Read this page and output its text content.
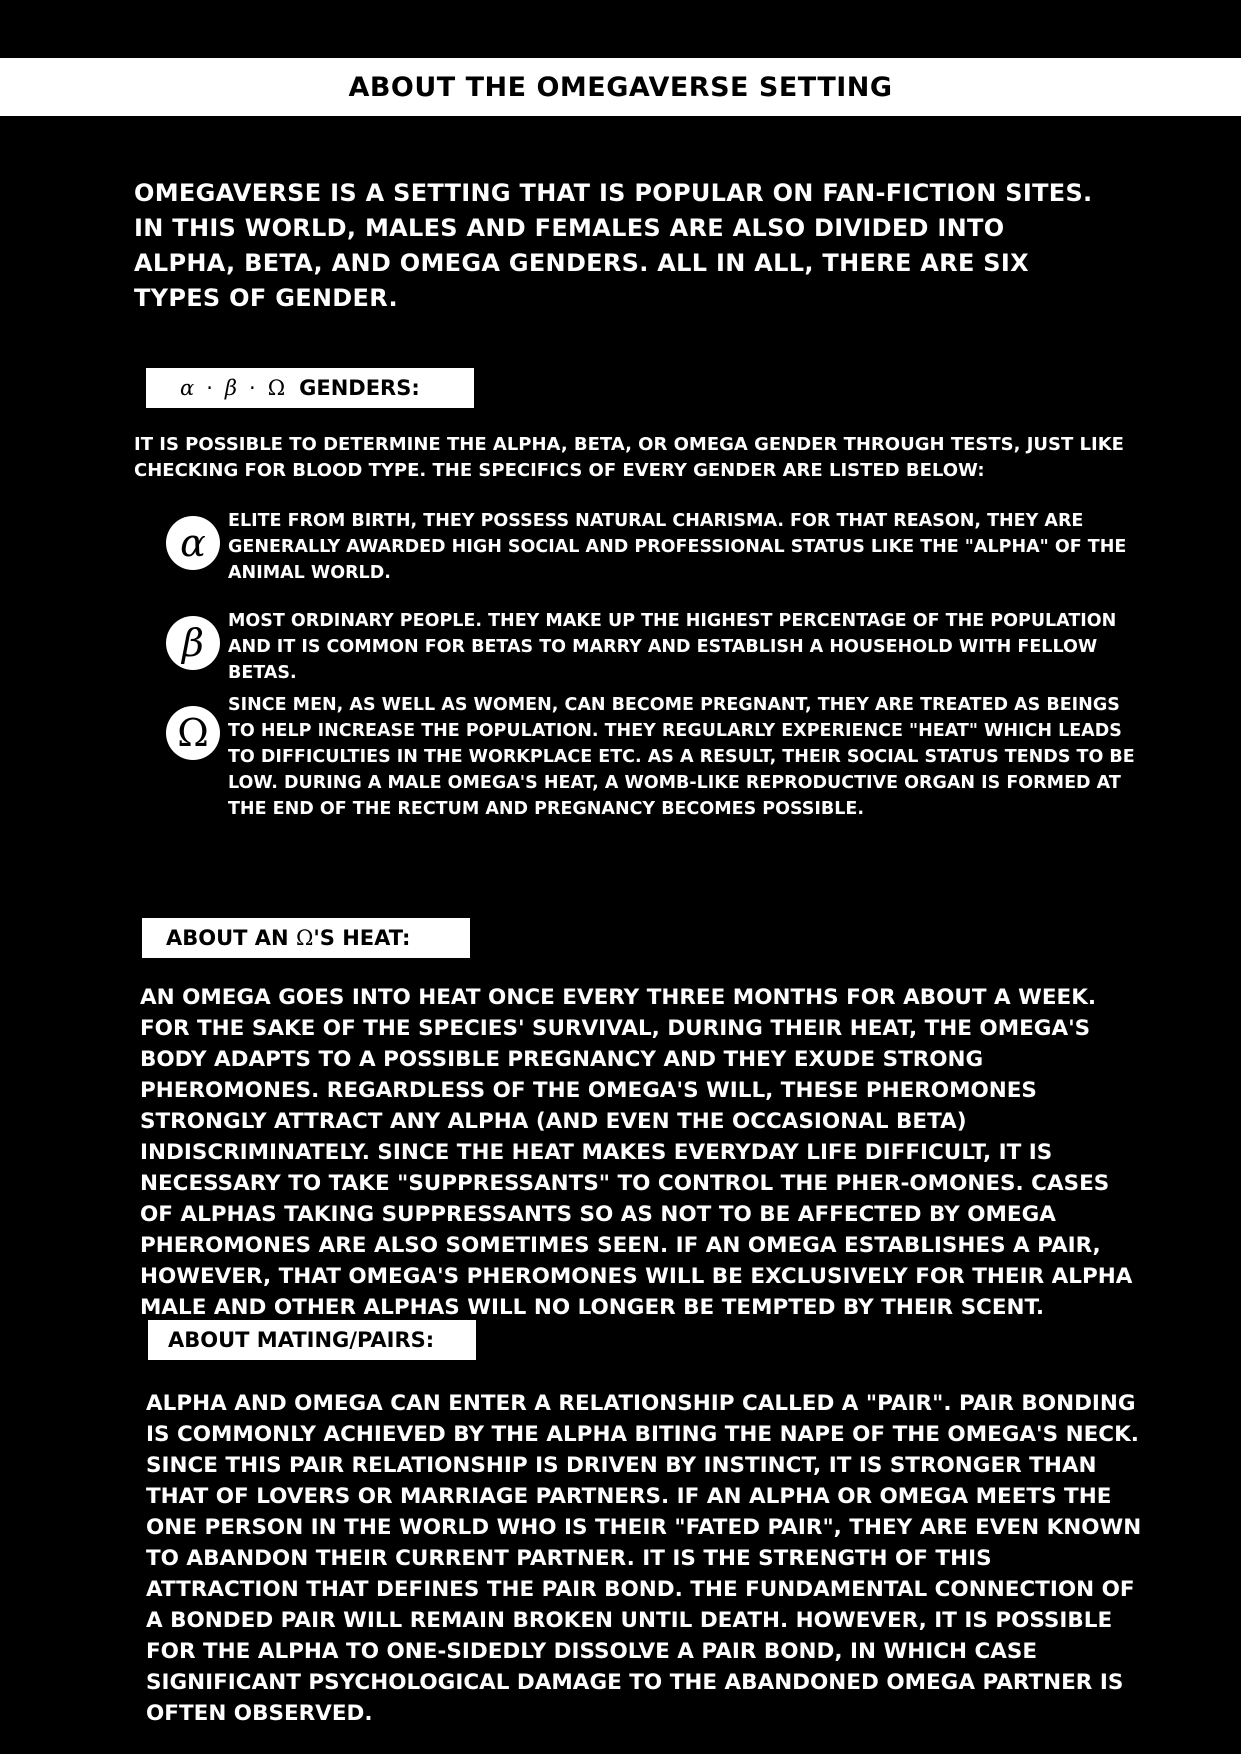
ABOUT THE OMEGAVERSE SETTING
OMEGAVERSE IS A SETTING THAT IS POPULAR ON FAN-FICTION SITES. IN THIS WORLD, MALES AND FEMALES ARE ALSO DIVIDED INTO ALPHA, BETA, AND OMEGA GENDERS. ALL IN ALL, THERE ARE SIX TYPES OF GENDER.
α · β · Ω GENDERS:
IT IS POSSIBLE TO DETERMINE THE ALPHA, BETA, OR OMEGA GENDER THROUGH TESTS, JUST LIKE CHECKING FOR BLOOD TYPE. THE SPECIFICS OF EVERY GENDER ARE LISTED BELOW:
α	ELITE FROM BIRTH, THEY POSSESS NATURAL CHARISMA. FOR THAT REASON, THEY ARE GENERALLY AWARDED HIGH SOCIAL AND PROFESSIONAL STATUS LIKE THE "ALPHA" OF THE ANIMAL WORLD.
β	MOST ORDINARY PEOPLE. THEY MAKE UP THE HIGHEST PERCENTAGE OF THE POPULATION AND IT IS COMMON FOR BETAS TO MARRY AND ESTABLISH A HOUSEHOLD WITH FELLOW BETAS.
Ω
SINCE MEN, AS WELL AS WOMEN, CAN BECOME PREGNANT, THEY ARE TREATED AS BEINGS TO HELP INCREASE THE POPULATION. THEY REGULARLY EXPERIENCE "HEAT" WHICH LEADS TO DIFFICULTIES IN THE WORKPLACE ETC. AS A RESULT, THEIR SOCIAL STATUS TENDS TO BE LOW. DURING A MALE OMEGA'S HEAT, A WOMB-LIKE REPRODUCTIVE ORGAN IS FORMED AT THE END OF THE RECTUM AND PREGNANCY BECOMES POSSIBLE.
ABOUT AN Ω 'S HEAT:
AN OMEGA GOES INTO HEAT ONCE EVERY THREE MONTHS FOR ABOUT A WEEK. FOR THE SAKE OF THE SPECIES' SURVIVAL, DURING THEIR HEAT, THE OMEGA'S BODY ADAPTS TO A POSSIBLE PREGNANCY AND THEY EXUDE STRONG PHEROMONES. REGARDLESS OF THE OMEGA'S WILL, THESE PHEROMONES STRONGLY ATTRACT ANY ALPHA (AND EVEN THE OCCASIONAL BETA) INDISCRIMINATELY. SINCE THE HEAT MAKES EVERYDAY LIFE DIFFICULT, IT IS NECESSARY TO TAKE "SUPPRESSANTS" TO CONTROL THE PHER-OMONES. CASES OF ALPHAS TAKING SUPPRESSANTS SO AS NOT TO BE AFFECTED BY OMEGA PHEROMONES ARE ALSO SOMETIMES SEEN. IF AN OMEGA ESTABLISHES A PAIR, HOWEVER, THAT OMEGA'S PHEROMONES WILL BE EXCLUSIVELY FOR THEIR ALPHA MALE AND OTHER ALPHAS WILL NO LONGER BE TEMPTED BY THEIR SCENT.
ABOUT MATING/PAIRS:
ALPHA AND OMEGA CAN ENTER A RELATIONSHIP CALLED A "PAIR". PAIR BONDING IS COMMONLY ACHIEVED BY THE ALPHA BITING THE NAPE OF THE OMEGA'S NECK. SINCE THIS PAIR RELATIONSHIP IS DRIVEN BY INSTINCT, IT IS STRONGER THAN THAT OF LOVERS OR MARRIAGE PARTNERS. IF AN ALPHA OR OMEGA MEETS THE ONE PERSON IN THE WORLD WHO IS THEIR "FATED PAIR", THEY ARE EVEN KNOWN TO ABANDON THEIR CURRENT PARTNER. IT IS THE STRENGTH OF THIS ATTRACTION THAT DEFINES THE PAIR BOND. THE FUNDAMENTAL CONNECTION OF A BONDED PAIR WILL REMAIN BROKEN UNTIL DEATH. HOWEVER, IT IS POSSIBLE FOR THE ALPHA TO ONE-SIDEDLY DISSOLVE A PAIR BOND, IN WHICH CASE SIGNIFICANT PSYCHOLOGICAL DAMAGE TO THE ABANDONED OMEGA PARTNER IS OFTEN OBSERVED.
